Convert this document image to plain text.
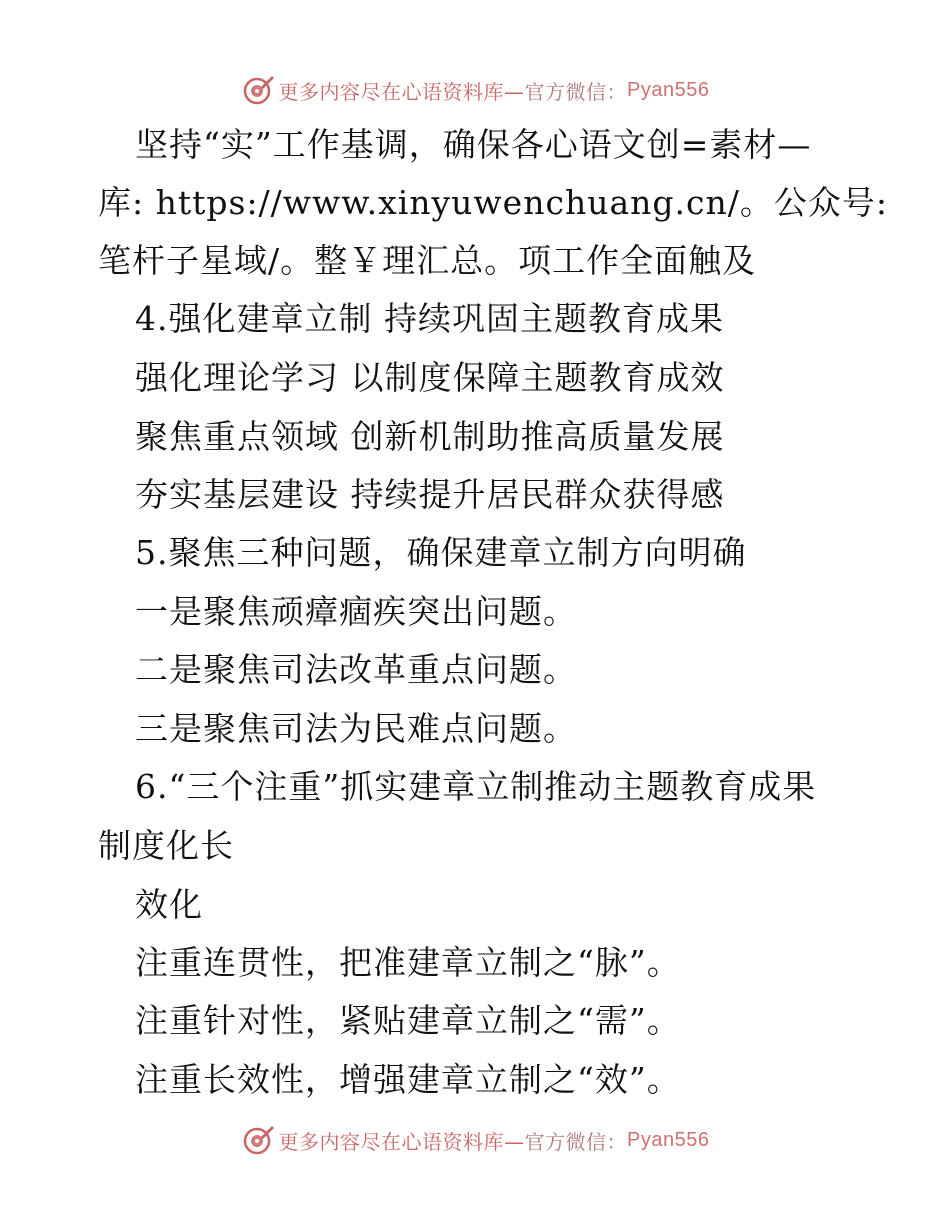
更多内容尽在心语资料库— 官方微信： Pyan556
坚持“实”工作基调，确保各心语文创=素材—
库: https://www.xinyuwenchuang.cn/。公众号:
笔杆子星域/。整￥理汇总。项工作全面触及
4.强化建章立制 持续巩固主题教育成果
强化理论学习 以制度保障主题教育成效
聚焦重点领域 创新机制助推高质量发展
夯实基层建设 持续提升居民群众获得感
5.聚焦三种问题，确保建章立制方向明确
一是聚焦顽瘴痼疾突出问题。
二是聚焦司法改革重点问题。
三是聚焦司法为民难点问题。
6.“三个注重”抓实建章立制推动主题教育成果
制度化长
效化
注重连贯性，把准建章立制之“脉”。
注重针对性，紧贴建章立制之“需”。
注重长效性，增强建章立制之“效”。
更多内容尽在心语资料库— 官方微信： Pyan556
